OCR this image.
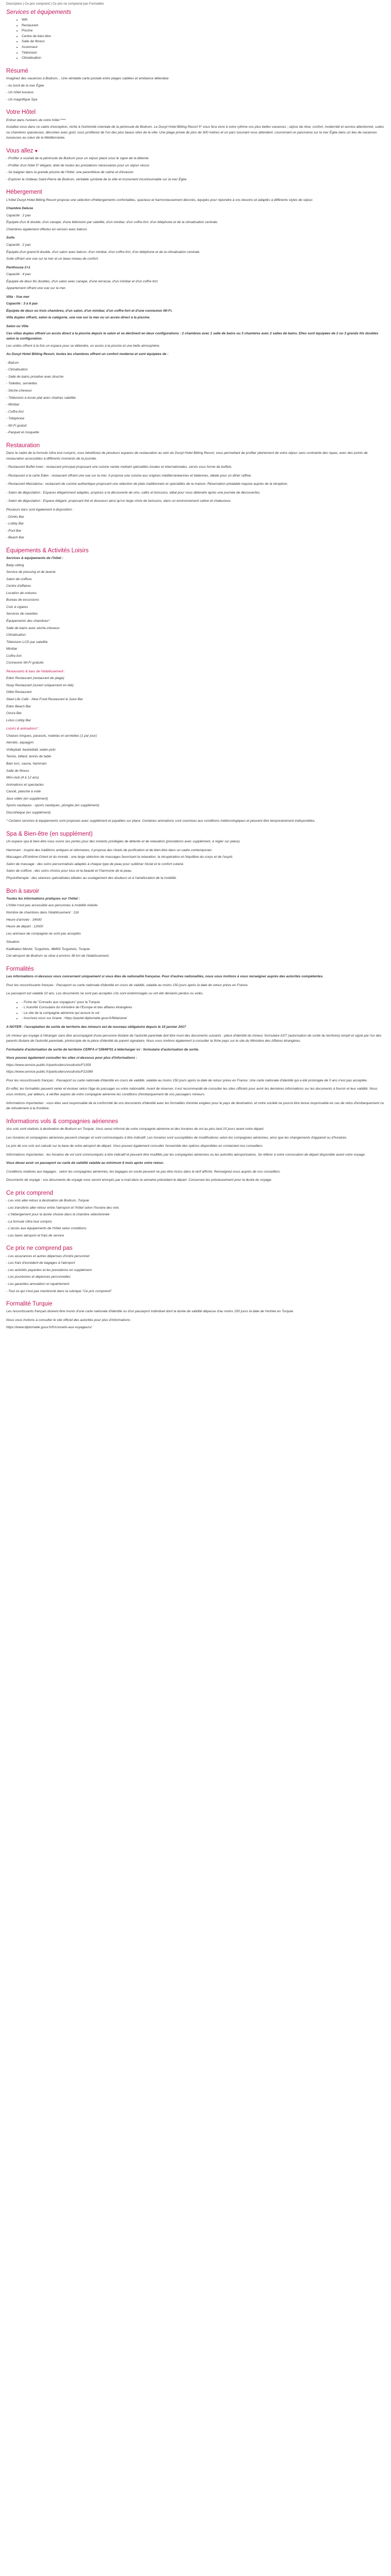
Description | Ce prix comprend | Ce prix ne comprend pas Formalités
Services et équipements
• Wifi
• Restaurant
• Piscine
• Centre de bien-être
• Salle de fitness
• Ascenseur
• Télévision
• Climatisation
Résumé

Imaginez des vacances à Bodrum... Une véritable carte postale entre plages sablées et ambiance détendue

- Au bord de la mer Égée

- Un hôtel luxueux

- Un magnifique Spa

Votre Hôtel

Entrez dans l'univers de notre hôtel ****

Installez-vous dans ce cadre d'exception, niché à l'extrémité orientale de la péninsule de Bodrum. Le Duoyt Hotel Bitting Resort 5* vous fera vivre à votre rythme vos plus belles vacances ; séjour de rêve, confort, modernité et service attentionné, suites ou chambres spacieuses, décorées avec goût, vous profiterez de l'un des plus beaux sites de la ville. Une plage privée de plus de 300 mètres et un parc luxuriant vous attendent, couronnant un panorama sur la mer Égée dans un lieu de vacances luxueuses au cœur de la Méditerranée.

Vous allez ♥

- Profiter à souhait de la péninsule de Bodrum pour un séjour placé sous le signe de la détente

- Profiter d'un hôtel 5* élégant, doté de toutes les prestations nécessaires pour un séjour réussi

- Se baigner dans la grande piscine de l'hôtel, une parenthèse de calme et d'évasion

- Explorer le château Saint-Pierre de Bodrum, véritable symbole de la ville et monument incontournable sur la mer Égée

Hébergement

L'hôtel Duoyt Hotel Bitting Resort propose une sélection d'hébergements confortables, spacieux et harmonieusement décorés, équipés pour répondre à vos besoins et adaptés à différents styles de séjour.

Chambre Deluxe

Capacité : 2 pax

Équipée d'un lit double, d'un canapé, d'une télévision par satellite, d'un minibar, d'un coffre-fort, d'un téléphone et de la climatisation centrale.

Chambres également offertes en version avec balcon.

Suite

Capacité : 2 pax

Équipée d'un grand lit double, d'un salon avec balcon, d'un minibar, d'un coffre-fort, d'un téléphone et de la climatisation centrale.

Suite offrant une vue sur la mer et un beau niveau de confort.

Penthouse 2+1

Capacité : 4 pax

Équipée de deux lits doubles, d'un salon avec canapé, d'une terrasse, d'un minibar et d'un coffre-fort.

Appartement offrant une vue sur la mer.

Villa - Vue mer

Capacité : 3 à 6 pax

Équipée de deux ou trois chambres, d'un salon, d'un minibar, d'un coffre-fort et d'une connexion Wi-Fi.

Villa duplex offrant, selon la catégorie, une vue sur la mer ou un accès direct à la piscine.

Salon ou Villa

Ces villas duplex offrent un accès direct à la piscine depuis le salon et se déclinent en deux configurations : 2 chambres avec 1 salle de bains ou 3 chambres avec 2 salles de bains. Elles sont équipées de 2 ou 3 grands lits doubles selon la configuration.

Les unités offrent à la fois un espace pour se détendre, un accès à la piscine et une belle atmosphère.

Au Duoyt Hotel Bitting Resort, toutes les chambres offrent un confort moderne et sont équipées de :

- Balcon

- Climatisation

- Salle de bains privative avec douche

- Toilettes, serviettes

- Sèche-cheveux

- Télévision à écran plat avec chaînes satellite

- Minibar

- Coffre-fort

- Téléphone

- Wi-Fi gratuit

- Parquet et moquette

Restauration

Dans le cadre de la formule Ultra tout compris, vous bénéficiez de plusieurs espaces de restauration au sein du Duoyt Hotel Bitting Resort, vous permettant de profiter pleinement de votre séjour sans contrainte des repas, avec des points de restauration accessibles à différents moments de la journée.

- Restaurant Buffet Aveo : restaurant principal proposant une cuisine variée mettant spécialités locales et internationales, servis sous forme de buffets.

- Restaurant à la carte Eden : restaurant offrant une vue sur la mer. Il propose une cuisine aux origines méditerranéennes et italiennes, idéale pour un dîner raffiné.

- Restaurant Mezzaluna : restaurant de cuisine authentique proposant une sélection de plats traditionnels et spécialités de la maison. Réservation préalable requise auprès de la réception.

- Salon de dégustation : Espaces élégamment adaptés, propices à la découverte de vins, cafés et boissons, idéal pour vous détendre après une journée de découvertes.

- Salon de dégustation : Espace élégant, proposant thé et douceurs ainsi qu'un large choix de boissons, dans un environnement calme et chaleureux.

Plusieurs bars sont également à disposition :

- Drinks Bar

- Lobby Bar

- Pool Bar

- Beach Bar

Équipements & Activités Loisirs

Services & équipements de l'hôtel :

Baby-sitting

Service de pressing et de laverie

Salon de coiffure

Centre d'affaires

Location de voitures

Bureau de excursions

Coin à cigares

Services de navettes

Équipements des chambres*

Salle de bains avec sèche-cheveux

Climatisation

Télévision LCD par satellite

Minibar

Coffre-fort

Connexion Wi-Fi gratuite

Restaurants & bars de l'établissement :

Eden Restaurant (restaurant de plage)

Nuay Restaurant (ouvert uniquement en été)

Gillet Restaurant

Steel Life Café - New Food Restaurant & Juice Bar

Eden Beach Bar

Ozora Bar

Lotus Lobby Bar

Loisirs & animations* :

Chaises longues, parasols, matelas et serviettes (1 par jour)

Aérobic, aquagym

Volleyball, basketball, water-polo

Tennis, billard, tennis de table

Bain turc, sauna, hammam

Salle de fitness

Mini-club (4 à 12 ans)

Animations et spectacles

Canoë, planche à voile

Jeux vidéo (en supplément)

Sports nautiques - sports nautiques, plongée (en supplément)

Discothèque (en supplément)

* Certains services & équipements sont proposés avec supplément et payables sur place. Certaines animations sont soumises aux conditions météorologiques et peuvent être temporairement indisponibles.

Spa & Bien-être (en supplément)

Un espace spa & bien-être vous ouvre ses portes pour des instants privilégiés de détente et de relaxation (prestations avec supplément, à régler sur place).

Hammam : inspiré des traditions antiques et ottomanes, il propose des rituels de purification et de bien-être dans un cadre contemporain.

Massages d'Extrême-Orient et du monde : une large sélection de massages favorisant la relaxation, la récupération et l'équilibre du corps et de l'esprit.

Salon de massage : des soins personnalisés adaptés à chaque type de peau pour sublimer l'éclat et le confort cutané.

Salon de coiffure : des soins choisis pour tous et la beauté et l'harmonie de la peau.

Physiothérapie : des séances spécialisées idéales au soulagement des douleurs et à l'amélioration de la mobilité.

Bon à savoir

Toutes les informations pratiques sur l'hôtel :

L'hôtel n'est pas accessible aux personnes à mobilité réduite

Nombre de chambres dans l'établissement : 116

Heure d'arrivée : 14h00

Heure de départ : 12h00

Les animaux de compagnie ne sont pas acceptés

Situation

Kadikalesi Mevkii, Turgutreis, 48463 Turgutreis, Turquie

Cet aéroport de Bodrum se situe à environ 36 km de l'établissement.

Formalités

Les informations ci-dessous vous concernent uniquement si vous êtes de nationalité française. Pour d'autres nationalités, nous vous invitons à vous renseigner auprès des autorités compétentes.

Pour les ressortissants français : Passeport ou carte nationale d'identité en cours de validité, valable au moins 150 jours après la date de retour prévu en France.

Le passeport est valable 10 ans. Les documents ne sont pas acceptés s'ils sont endommagés ou ont été déclarés perdus ou volés.

• - Fiche de "Conseils aux voyageurs" pour la Turquie
• - L'Autorité Consulaire du ministère de l'Europe et des affaires étrangères
• - Le site de la compagnie aérienne qui assure le vol
• - Inscrivez-vous sur Ariane : https://pastel.diplomatie.gouv.fr/fildariane/

A NOTER : l'acceptation de sortie de territoire des mineurs est de nouveau obligatoire depuis le 15 janvier 2017

Un mineur qui voyage à l'étranger sans être accompagné d'une personne titulaire de l'autorité parentale doit être muni des documents suivants : pièce d'identité du mineur, formulaire AST (autorisation de sortie du territoire) rempli et signé par l'un des parents titulaire de l'autorité parentale, photocopie de la pièce d'identité du parent signataire. Nous vous invitons également à consulter la fiche pays sur le site du Ministère des Affaires étrangères.

Formulaire d'autorisation de sortie de territoire CERFA n°15646*01 à télécharger ici : formulaire d'autorisation de sortie.

Vous pouvez également consulter les sites ci-dessous pour plus d'informations :

https://www.service-public.fr/particuliers/vosdroits/F1359

https://www.service-public.fr/particuliers/vosdroits/F21089

Pour les ressortissants français : Passeport ou carte nationale d'identité en cours de validité, valable au moins 150 jours après la date de retour prévu en France. Une carte nationale d'identité qui a été prolongée de 5 ans n'est pas acceptée.

En effet, les formalités peuvent varier et évoluer selon l'âge du passager ou votre nationalité. Avant de réserver, il est recommandé de consulter les sites officiels pour avoir les dernières informations sur les documents à fournir et leur validité. Nous vous invitons, par ailleurs, à vérifier auprès de votre compagnie aérienne les conditions d'embarquement de vos passagers mineurs.

Informations importantes : vous êtes seul responsable de la conformité de vos documents d'identité avec les formalités d'entrée exigées pour le pays de destination, et notre société ne pourra être tenue responsable en cas de refus d'embarquement ou de refoulement à la frontière.

Informations vols & compagnies aériennes

Vos vols sont réalisés à destination de Bodrum en Turquie. Vous serez informé de votre compagnie aérienne et des horaires de vol au plus tard 15 jours avant votre départ.

Les horaires et compagnies aériennes peuvent changer et sont communiqués à titre indicatif. Les horaires sont susceptibles de modifications selon les compagnies aériennes, ainsi que les changements d'appareil ou d'horaires.

Le prix de vos vols est calculé sur la base de votre aéroport de départ. Vous pouvez également consulter l'ensemble des options disponibles en contactant nos conseillers.

Informations importantes : les horaires de vol sont communiqués à titre indicatif et peuvent être modifiés par les compagnies aériennes ou les autorités aéroportuaires. Se référer à votre convocation de départ disponible avant votre voyage.

Vous devez avoir un passeport ou carte de validité valable au minimum 6 mois après votre retour.

Conditions relatives aux bagages : selon les compagnies aériennes, les bagages en soute peuvent ne pas être inclus dans le tarif affiché. Renseignez-vous auprès de nos conseillers.

Documents de voyage : vos documents de voyage vous seront envoyés par e-mail dans la semaine précédant le départ. Conservez-les précieusement pour la durée du voyage.

Ce prix comprend

- Les vols aller-retour à destination de Bodrum, Turquie

- Les transferts aller-retour entre l'aéroport et l'hôtel selon l'horaire des vols

- L'hébergement pour la durée choisie dans la chambre sélectionnée

- La formule Ultra tout compris

- L'accès aux équipements de l'hôtel selon conditions

- Les taxes aéroport et frais de service

Ce prix ne comprend pas

- Les assurances et autres dépenses d'ordre personnel

- Les frais d'excédent de bagages à l'aéroport

- Les activités payantes et les prestations en supplément

- Les pourboires et dépenses personnelles

- Les garanties annulation et rapatriement

- Tout ce qui n'est pas mentionné dans la rubrique "Ce prix comprend"

Formalité Turquie

Les ressortissants français doivent être munis d'une carte nationale d'identité ou d'un passeport individuel dont la durée de validité dépasse d'au moins 150 jours la date de l'entrée en Turquie.

Nous vous invitons à consulter le site officiel des autorités pour plus d'informations :

https://www.diplomatie.gouv.fr/fr/conseils-aux-voyageurs/
